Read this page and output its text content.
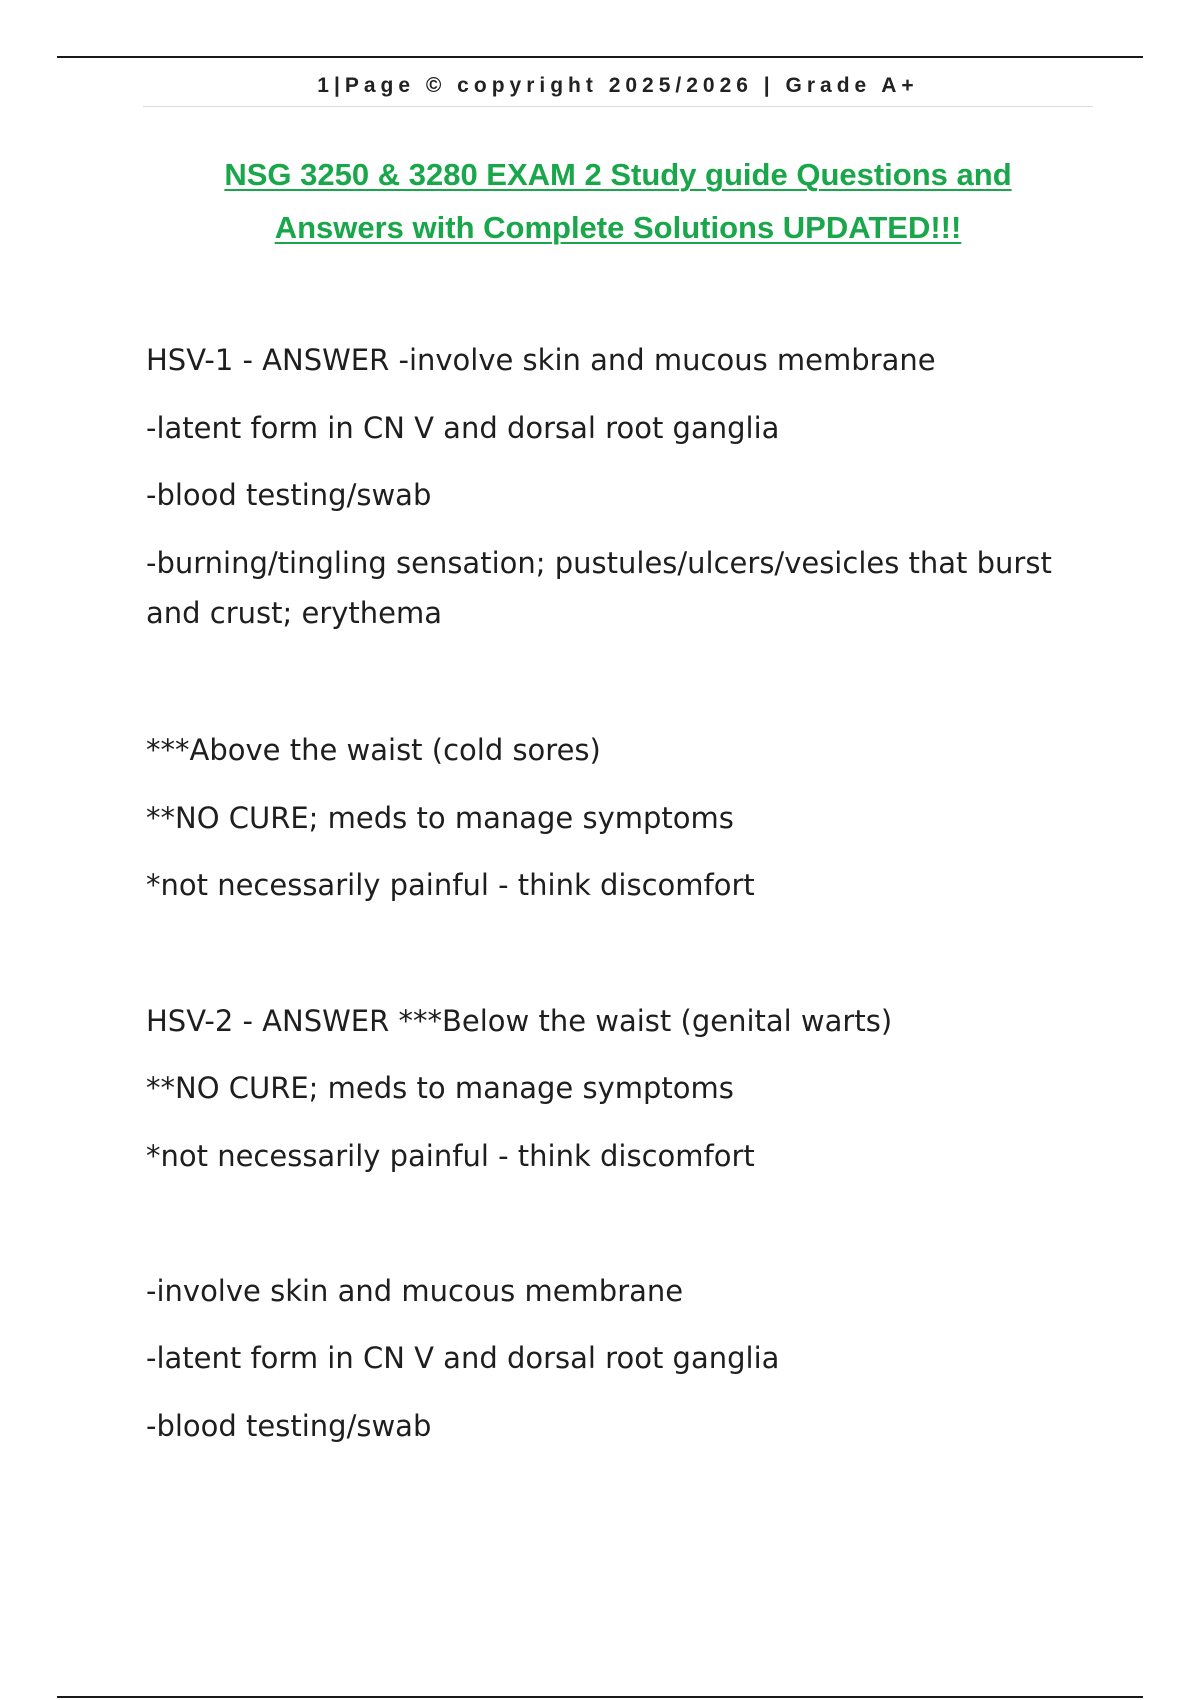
1|Page © copyright 2025/2026 | Grade A+
NSG 3250 & 3280 EXAM 2 Study guide Questions and
Answers with Complete Solutions UPDATED!!!
HSV-1 - ANSWER -involve skin and mucous membrane
-latent form in CN V and dorsal root ganglia
-blood testing/swab
-burning/tingling sensation; pustules/ulcers/vesicles that burst and crust; erythema
***Above the waist (cold sores)
**NO CURE; meds to manage symptoms
*not necessarily painful - think discomfort
HSV-2 - ANSWER ***Below the waist (genital warts)
**NO CURE; meds to manage symptoms
*not necessarily painful - think discomfort
-involve skin and mucous membrane
-latent form in CN V and dorsal root ganglia
-blood testing/swab
